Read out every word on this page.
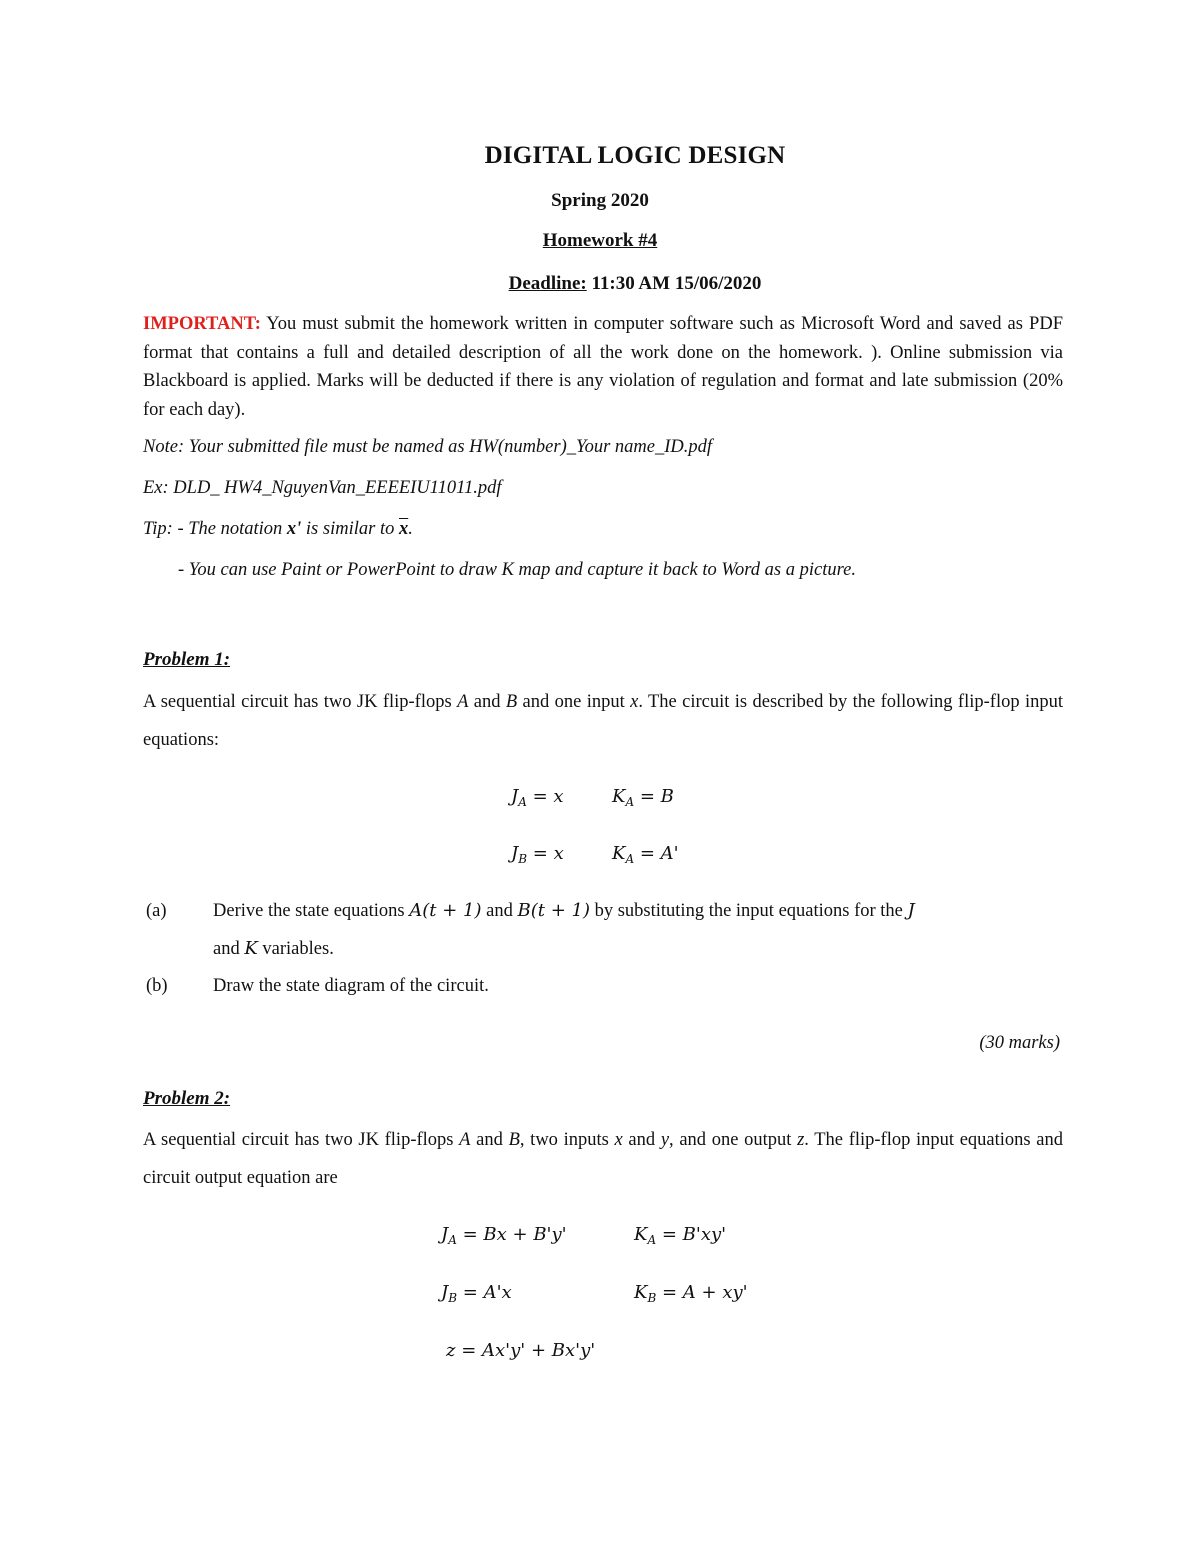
DIGITAL LOGIC DESIGN
Spring 2020
Homework #4
Deadline: 11:30 AM 15/06/2020
IMPORTANT: You must submit the homework written in computer software such as Microsoft Word and saved as PDF format that contains a full and detailed description of all the work done on the homework. ). Online submission via Blackboard is applied. Marks will be deducted if there is any violation of regulation and format and late submission (20% for each day).
Note: Your submitted file must be named as HW(number)_Your name_ID.pdf
Ex: DLD_ HW4_NguyenVan_EEEEIU11011.pdf
Tip: - The notation x' is similar to $\overline{x}$.
- You can use Paint or PowerPoint to draw K map and capture it back to Word as a picture.
Problem 1:
A sequential circuit has two JK flip-flops A and B and one input x. The circuit is described by the following flip-flop input equations:
$J_A = x$	$K_A = B$
$J_B = x$	$K_A = A'$
(a)	Derive the state equations A(t + 1) and B(t + 1) by substituting the input equations for the J
and K variables.
(b) Draw the state diagram of the circuit.
(30 marks)
Problem 2:
A sequential circuit has two JK flip-flops A and B, two inputs x and y, and one output z. The flip-flop input equations and circuit output equation are
$J_A = Bx + B'y'$	$K_A = B'xy'$
$J_B = A'x$	$K_B = A + xy'$
z = Ax'y' + Bx'y'
